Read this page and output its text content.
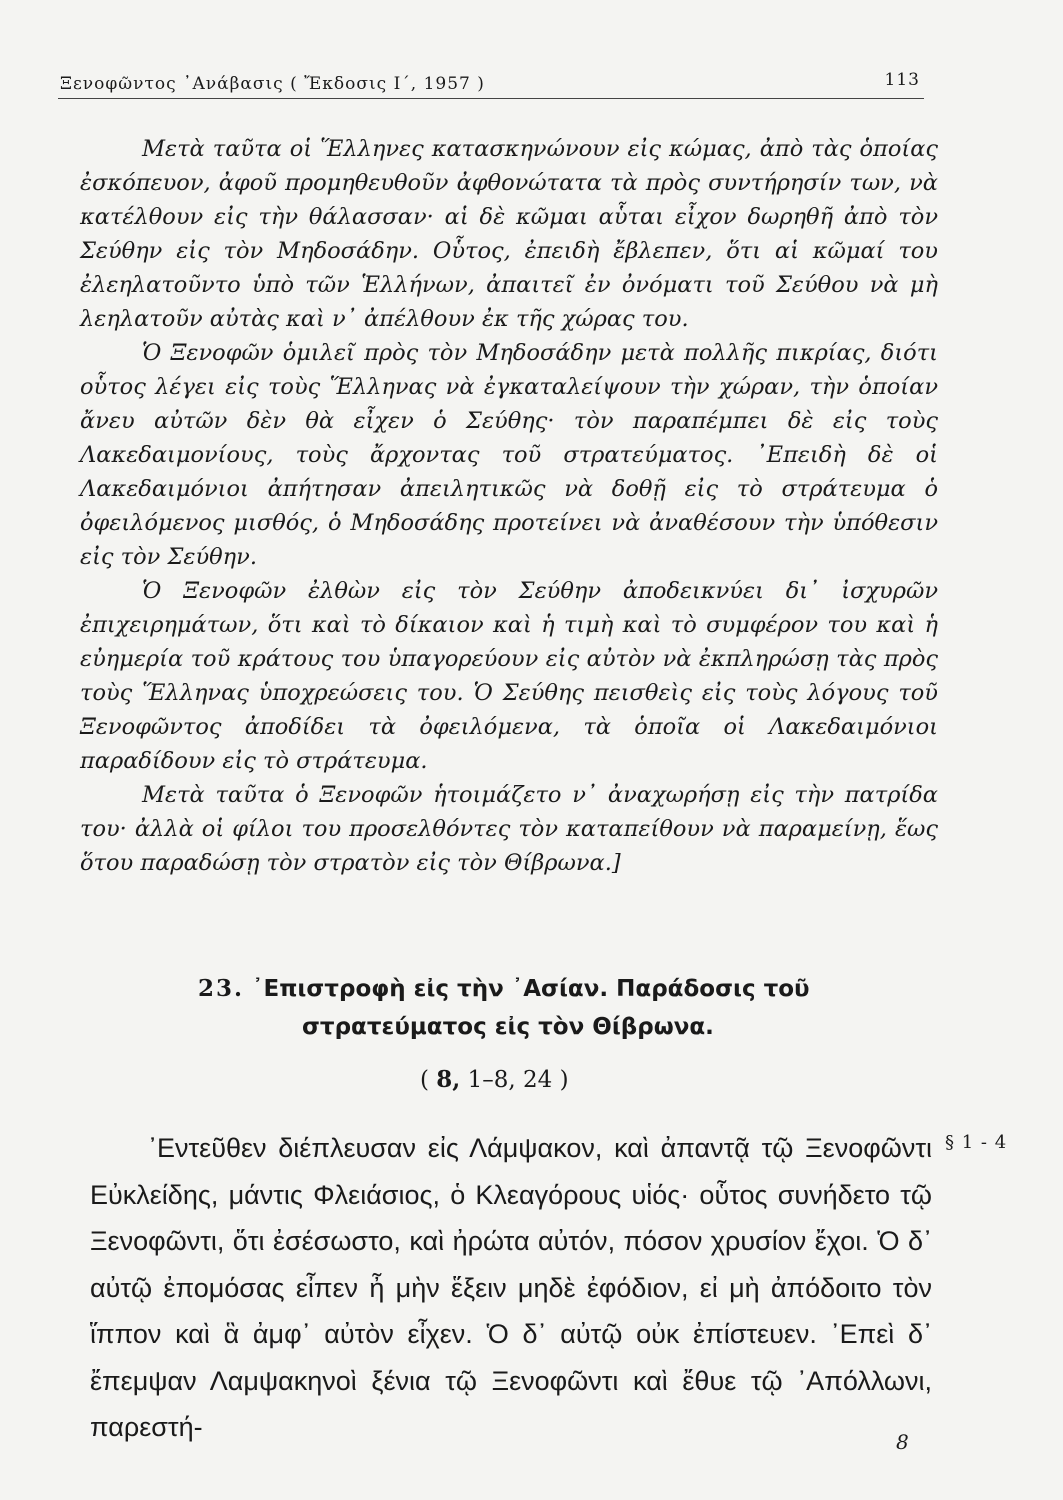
Ξενοφῶντος ᾿Ανάβασις ( Ἔκδοσις Ι΄, 1957 )	113

Μετὰ ταῦτα οἱ Ἕλληνες κατασκηνώνουν εἰς κώμας, ἀπὸ τὰς ὁποίας ἐσκόπευον, ἀφοῦ προμηθευθοῦν ἀφθονώτατα τὰ πρὸς συντήρησίν των, νὰ κατέλθουν εἰς τὴν θάλασσαν· αἱ δὲ κῶμαι αὗται εἶχον δωρηθῆ ἀπὸ τὸν Σεύθην εἰς τὸν Μηδοσάδην. Οὗτος, ἐπειδὴ ἔβλεπεν, ὅτι αἱ κῶμαί του ἐλεηλατοῦντο ὑπὸ τῶν Ἑλλήνων, ἀπαιτεῖ ἐν ὀνόματι τοῦ Σεύθου νὰ μὴ λεηλατοῦν αὐτὰς καὶ ν᾿ ἀπέλθουν ἐκ τῆς χώρας του.

Ὁ Ξενοφῶν ὁμιλεῖ πρὸς τὸν Μηδοσάδην μετὰ πολλῆς πικρίας, διότι οὗτος λέγει εἰς τοὺς Ἕλληνας νὰ ἐγκαταλείψουν τὴν χώραν, τὴν ὁποίαν ἄνευ αὐτῶν δὲν θὰ εἶχεν ὁ Σεύθης· τὸν παραπέμπει δὲ εἰς τοὺς Λακεδαιμονίους, τοὺς ἄρχοντας τοῦ στρατεύματος. ᾿Επειδὴ δὲ οἱ Λακεδαιμόνιοι ἀπήτησαν ἀπειλητικῶς νὰ δοθῇ εἰς τὸ στράτευμα ὁ ὀφειλόμενος μισθός, ὁ Μηδοσάδης προτείνει νὰ ἀναθέσουν τὴν ὑπόθεσιν εἰς τὸν Σεύθην.

Ὁ Ξενοφῶν ἐλθὼν εἰς τὸν Σεύθην ἀποδεικνύει δι᾿ ἰσχυρῶν ἐπιχειρημάτων, ὅτι καὶ τὸ δίκαιον καὶ ἡ τιμὴ καὶ τὸ συμφέρον του καὶ ἡ εὐημερία τοῦ κράτους του ὑπαγορεύουν εἰς αὐτὸν νὰ ἐκπληρώσῃ τὰς πρὸς τοὺς Ἕλληνας ὑποχρεώσεις του. Ὁ Σεύθης πεισθεὶς εἰς τοὺς λόγους τοῦ Ξενοφῶντος ἀποδίδει τὰ ὀφειλόμενα, τὰ ὁποῖα οἱ Λακεδαιμόνιοι παραδίδουν εἰς τὸ στράτευμα.

Μετὰ ταῦτα ὁ Ξενοφῶν ἡτοιμάζετο ν᾿ ἀναχωρήσῃ εἰς τὴν πατρίδα του· ἀλλὰ οἱ φίλοι του προσελθόντες τὸν καταπείθουν νὰ παραμείνῃ, ἕως ὅτου παραδώσῃ τὸν στρατὸν εἰς τὸν Θίβρωνα.]

23. ᾿Επιστροφὴ εἰς τὴν ᾿Ασίαν. Παράδοσις τοῦ
στρατεύματος εἰς τὸν Θίβρωνα.
( 8, 1–8, 24 )

᾿Εντεῦθεν διέπλευσαν εἰς Λάμψακον, καὶ ἀπαντᾷ τῷ Ξενοφῶντι Εὐκλείδης, μάντις Φλειάσιος, ὁ Κλεαγόρους υἱός· οὗτος συνήδετο τῷ Ξενοφῶντι, ὅτι ἐσέσωστο, καὶ ἠρώτα αὐτόν, πόσον χρυσίον ἔχοι. Ὁ δ᾿ αὐτῷ ἐπομόσας εἶπεν ἦ μὴν ἕξειν μηδὲ ἐφόδιον, εἰ μὴ ἀπόδοιτο τὸν ἵππον καὶ ἃ ἀμφ᾿ αὐτὸν εἶχεν. Ὁ δ᾿ αὐτῷ οὐκ ἐπίστευεν. ᾿Επεὶ δ᾿ ἔπεμψαν Λαμψακηνοὶ ξένια τῷ Ξενοφῶντι καὶ ἔθυε τῷ ᾿Απόλλωνι, παρεστή-

§ 1 - 4
8
